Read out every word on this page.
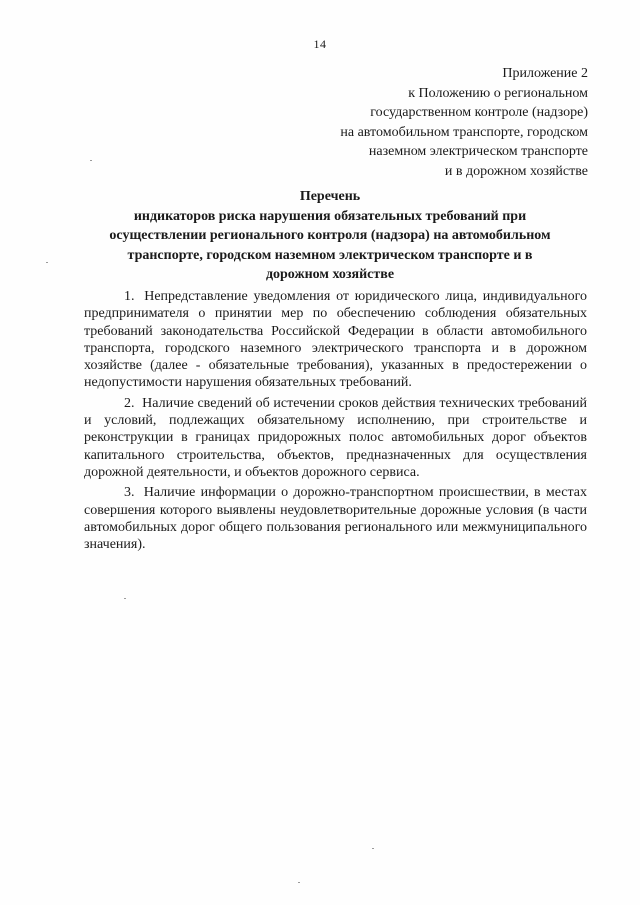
14
Приложение 2
к Положению о региональном
государственном контроле (надзоре)
на автомобильном транспорте, городском
наземном электрическом транспорте
и в дорожном хозяйстве
Перечень
индикаторов риска нарушения обязательных требований при
осуществлении регионального контроля (надзора) на автомобильном
транспорте, городском наземном электрическом транспорте и в
дорожном хозяйстве

1. Непредставление уведомления от юридического лица, индивидуального предпринимателя о принятии мер по обеспечению соблюдения обязательных требований законодательства Российской Федерации в области автомобильного транспорта, городского наземного электрического транспорта и в дорожном хозяйстве (далее - обязательные требования), указанных в предостережении о недопустимости нарушения обязательных требований.

2. Наличие сведений об истечении сроков действия технических требований и условий, подлежащих обязательному исполнению, при строительстве и реконструкции в границах придорожных полос автомобильных дорог объектов капитального строительства, объектов, предназначенных для осуществления дорожной деятельности, и объектов дорожного сервиса.

3. Наличие информации о дорожно-транспортном происшествии, в местах совершения которого выявлены неудовлетворительные дорожные условия (в части автомобильных дорог общего пользования регионального или межмуниципального значения).
